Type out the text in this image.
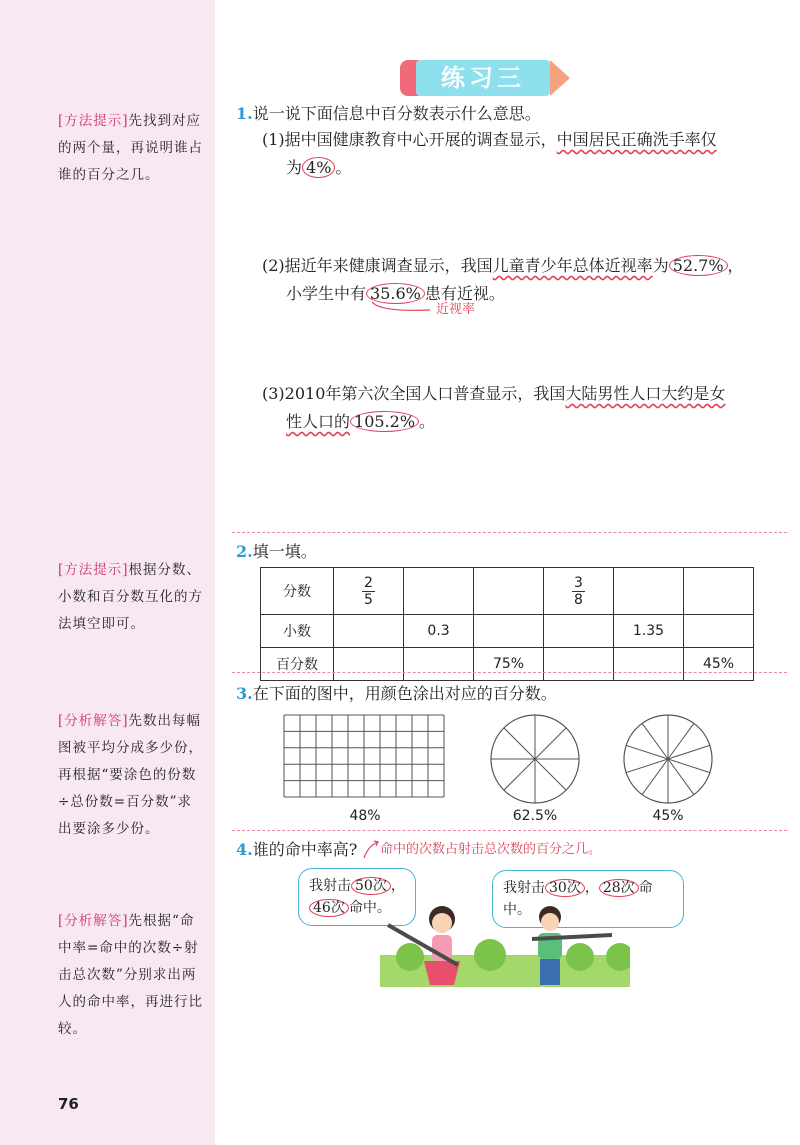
[方法提示]先找到对应的两个量，再说明谁占谁的百分之几。
[方法提示]根据分数、小数和百分数互化的方法填空即可。
[分析解答]先数出每幅图被平均分成多少份，再根据“要涂色的份数÷总份数=百分数”求出要涂多少份。
[分析解答]先根据“命中率=命中的次数÷射击总次数”分别求出两人的命中率，再进行比较。
76
练习三
1.说一说下面信息中百分数表示什么意思。
(1)据中国健康教育中心开展的调查显示，中国居民正确洗手率仅
为 4% 。
(2)据近年来健康调查显示，我国儿童青少年总体近视率为 52.7% ，
小学生中有 35.6% 患有近视。
近视率
(3)2010年第六次全国人口普查显示，我国大陆男性人口大约是女
性人口的 105.2% 。
2.填一填。
分数	$\frac{2}{5}$			$\frac{3}{8}$

小数		0.3			1.35	
百分数			75%			45%
3.在下面的图中，用颜色涂出对应的百分数。
48%	62.5%	45%
4.谁的命中率高? 命中的次数占射击总次数的百分之几。
我射击 50次 ，46次 命中。
我射击 30次 ， 28次 命中。
